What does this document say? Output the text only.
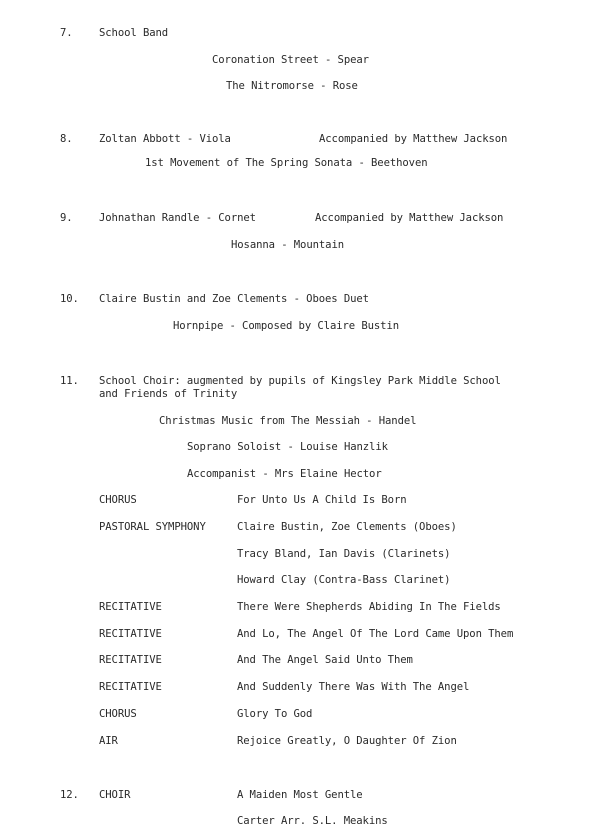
7. School Band
Coronation Street - Spear
The Nitromorse - Rose
8. Zoltan Abbott - Viola	Accompanied by Matthew Jackson
1st Movement of The Spring Sonata - Beethoven
9. Johnathan Randle - Cornet	Accompanied by Matthew Jackson
Hosanna - Mountain
10. Claire Bustin and Zoe Clements - Oboes Duet
Hornpipe - Composed by Claire Bustin
11. School Choir: augmented by pupils of Kingsley Park Middle School
and Friends of Trinity
Christmas Music from The Messiah - Handel
Soprano Soloist - Louise Hanzlik
Accompanist - Mrs Elaine Hector
CHORUS	For Unto Us A Child Is Born
PASTORAL SYMPHONY	Claire Bustin, Zoe Clements (Oboes)
Tracy Bland, Ian Davis (Clarinets)
Howard Clay (Contra-Bass Clarinet)
RECITATIVE	There Were Shepherds Abiding In The Fields
RECITATIVE	And Lo, The Angel Of The Lord Came Upon Them
RECITATIVE	And The Angel Said Unto Them
RECITATIVE	And Suddenly There Was With The Angel
CHORUS	Glory To God
AIR	Rejoice Greatly, O Daughter Of Zion
12. CHOIR	A Maiden Most Gentle
Carter Arr. S.L. Meakins
